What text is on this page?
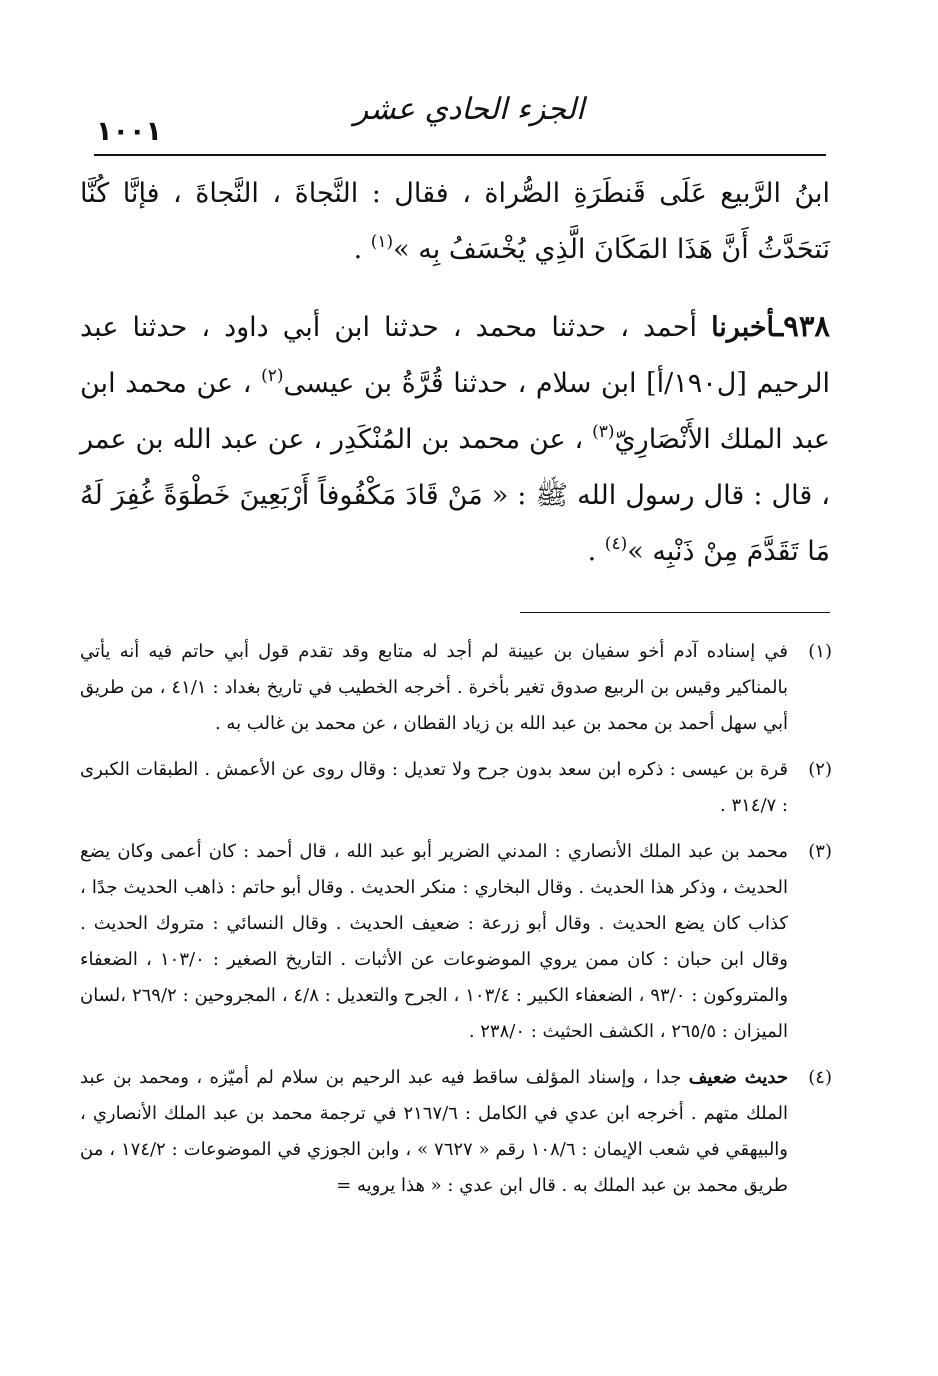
الجزء الحادي عشر
١٠٠١

ابنُ الرَّبيع عَلَى قَنطَرَةِ الصُّراة ، فقال : النَّجاةَ ، النَّجاةَ ، فإنَّا كُنَّا نَتحَدَّثُ أَنَّ هَذَا المَكَانَ الَّذِي يُخْسَفُ بِه »$^{(١)}$ .

٩٣٨ـأخبرنا أحمد ، حدثنا محمد ، حدثنا ابن أبي داود ، حدثنا عبد الرحيم [ل١٩٠/أ] ابن سلام ، حدثنا قُرَّةُ بن عيسى$^{(٢)}$ ، عن محمد ابن عبد الملك الأَنْصَارِيّ$^{(٣)}$ ، عن محمد بن المُنْكَدِر ، عن عبد الله بن عمر ، قال : قال رسول الله ﷺ : « مَنْ قَادَ مَكْفُوفاً أَرْبَعِينَ خَطْوَةً غُفِرَ لَهُ مَا تَقَدَّمَ مِنْ ذَنْبِه »$^{(٤)}$ .

(١)
في إسناده آدم أخو سفيان بن عيينة لم أجد له متابع وقد تقدم قول أبي حاتم فيه أنه يأتي بالمناكير وقيس بن الربيع صدوق تغير بأخرة . أخرجه الخطيب في تاريخ بغداد : ٤١/١ ، من طريق أبي سهل أحمد بن محمد بن عبد الله بن زياد القطان ، عن محمد بن غالب به .
(٢)
قرة بن عيسى : ذكره ابن سعد بدون جرح ولا تعديل : وقال روى عن الأعمش . الطبقات الكبرى : ٣١٤/٧ .
(٣)
محمد بن عبد الملك الأنصاري : المدني الضرير أبو عبد الله ، قال أحمد : كان أعمى وكان يضع الحديث ، وذكر هذا الحديث . وقال البخاري : منكر الحديث . وقال أبو حاتم : ذاهب الحديث جدًا ، كذاب كان يضع الحديث . وقال أبو زرعة : ضعيف الحديث . وقال النسائي : متروك الحديث . وقال ابن حبان : كان ممن يروي الموضوعات عن الأثبات . التاريخ الصغير : ١٠٣/٠ ، الضعفاء والمتروكون : ٩٣/٠ ، الضعفاء الكبير : ١٠٣/٤ ، الجرح والتعديل : ٤/٨ ، المجروحين : ٢٦٩/٢ ،لسان الميزان : ٢٦٥/٥ ، الكشف الحثيث : ٢٣٨/٠ .
(٤)
حديث ضعيف جدا ، وإسناد المؤلف ساقط فيه عبد الرحيم بن سلام لم أميّزه ، ومحمد بن عبد الملك متهم . أخرجه ابن عدي في الكامل : ٢١٦٧/٦ في ترجمة محمد بن عبد الملك الأنصاري ، والبيهقي في شعب الإيمان : ١٠٨/٦ رقم « ٧٦٢٧ » ، وابن الجوزي في الموضوعات : ١٧٤/٢ ، من طريق محمد بن عبد الملك به . قال ابن عدي : « هذا يرويه =
